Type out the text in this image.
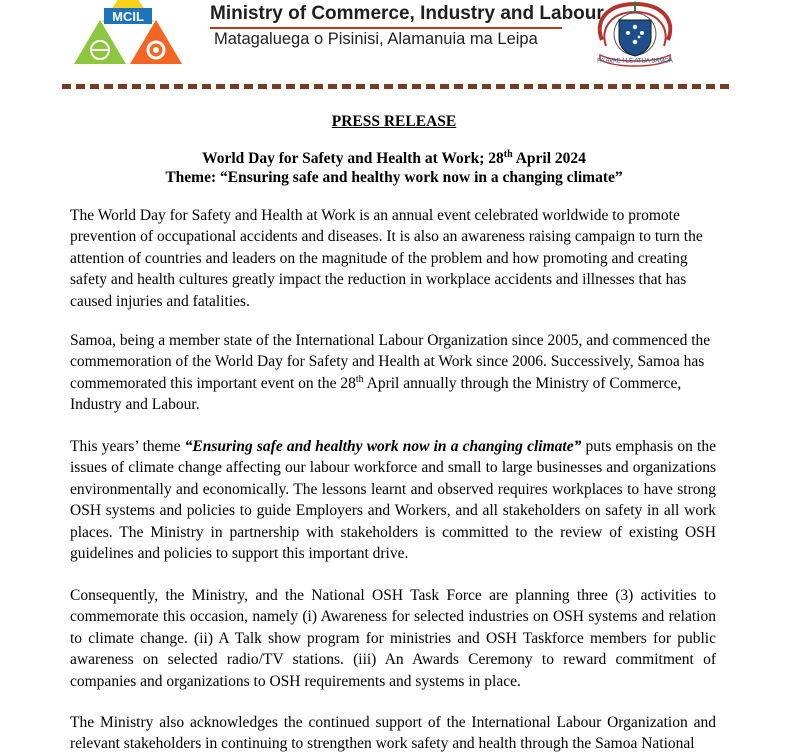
MCIL	Ministry of Commerce, Industry and Labour
Matagaluega o Pisinisi, Alamanuia ma Leipa
FA'AVAE I LE ATUA SAMOA
PRESS RELEASE
World Day for Safety and Health at Work; 28th April 2024
Theme: “Ensuring safe and healthy work now in a changing climate”

The World Day for Safety and Health at Work is an annual event celebrated worldwide to promote prevention of occupational accidents and diseases. It is also an awareness raising campaign to turn the attention of countries and leaders on the magnitude of the problem and how promoting and creating safety and health cultures greatly impact the reduction in workplace accidents and illnesses that has caused injuries and fatalities.

Samoa, being a member state of the International Labour Organization since 2005, and commenced the commemoration of the World Day for Safety and Health at Work since 2006. Successively, Samoa has commemorated this important event on the 28th April annually through the Ministry of Commerce, Industry and Labour.

This years’ theme “Ensuring safe and healthy work now in a changing climate” puts emphasis on the issues of climate change affecting our labour workforce and small to large businesses and organizations environmentally and economically. The lessons learnt and observed requires workplaces to have strong OSH systems and policies to guide Employers and Workers, and all stakeholders on safety in all work places. The Ministry in partnership with stakeholders is committed to the review of existing OSH guidelines and policies to support this important drive.

Consequently, the Ministry, and the National OSH Task Force are planning three (3) activities to commemorate this occasion, namely (i) Awareness for selected industries on OSH systems and relation to climate change. (ii) A Talk show program for ministries and OSH Taskforce members for public awareness on selected radio/TV stations. (iii) An Awards Ceremony to reward commitment of companies and organizations to OSH requirements and systems in place.

The Ministry also acknowledges the continued support of the International Labour Organization and relevant stakeholders in continuing to strengthen work safety and health through the Samoa National
